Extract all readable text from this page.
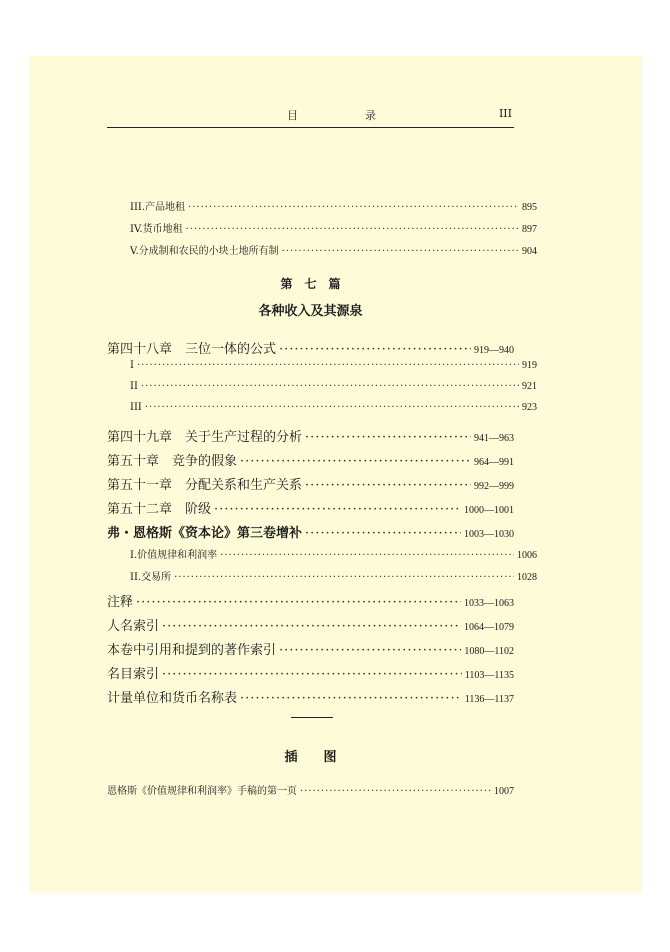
目　录	III
III.产品地租 ·····	895
IV.货币地租 ·····	897
V.分成制和农民的小块土地所有制 ·····	904
第　七　篇
各种收入及其源泉
第四十八章　三位一体的公式 ·····	919—940
I ·····	919
II ·····	921
III ·····	923
第四十九章　关于生产过程的分析 ·····	941—963
第五十章　竞争的假象 ·····	964—991
第五十一章　分配关系和生产关系 ·····	992—999
第五十二章　阶级 ·····	1000—1001
弗・恩格斯《资本论》第三卷增补 ·····	1003—1030
I.价值规律和利润率 ·····	1006
II.交易所 ·····	1028
注释 ·····	1033—1063
人名索引 ·····	1064—1079
本卷中引用和提到的著作索引 ·····	1080—1102
名目索引 ·····	1103—1135
计量单位和货币名称表 ·····	1136—1137
插　　图
恩格斯《价值规律和利润率》手稿的第一页 ·····	1007
